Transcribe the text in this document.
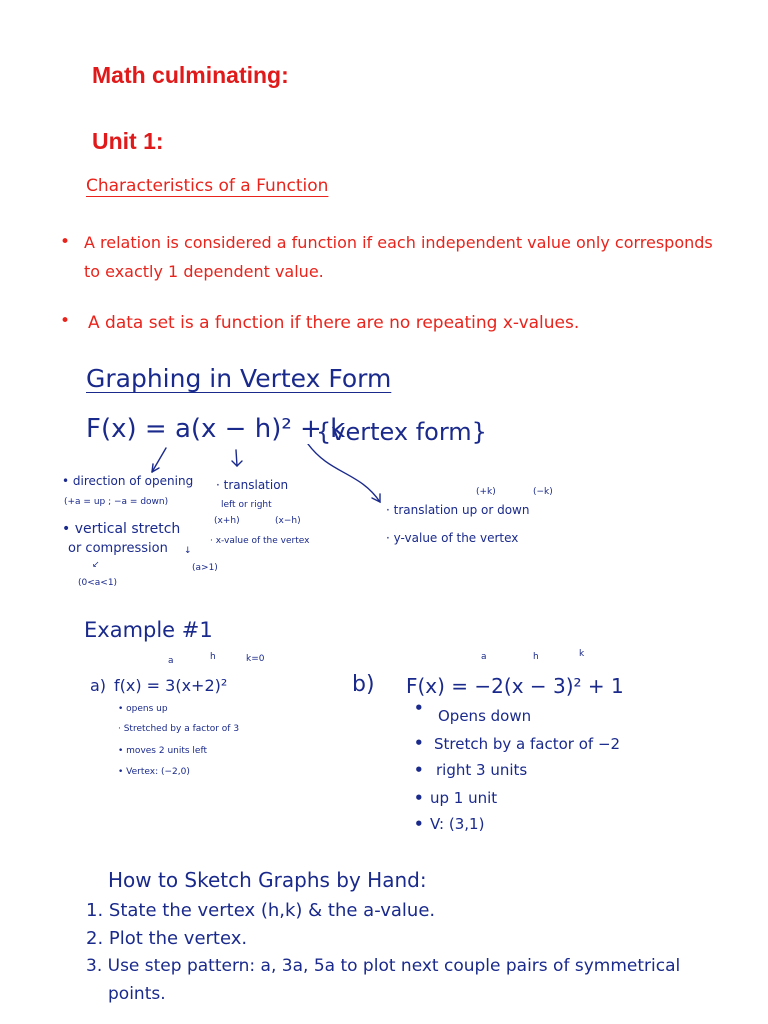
Math culminating:
Unit 1:
Characteristics of a Function
• A relation is considered a function if each independent value only corresponds
to exactly 1 dependent value.
• A data set is a function if there are no repeating x-values.
Graphing in Vertex Form
F(x) = a(x − h)² + k
{vertex form}
• direction of opening
(+a = up ; −a = down)
• vertical stretch
or compression
↙
↓
(0<a<1)
(a>1)
· translation
left or right
(x+h)	(x−h)
· x-value of the vertex
(+k)	(−k)
· translation up or down
· y-value of the vertex
Example #1
a	h	k=0
a) f(x) = 3(x+2)²
• opens up
· Stretched by a factor of 3
• moves 2 units left
• Vertex: (−2,0)
a	h	k
b) F(x) = −2(x − 3)² + 1
• Opens down
• Stretch by a factor of −2
• right 3 units
• up 1 unit
• V: (3,1)
How to Sketch Graphs by Hand:
1. State the vertex (h,k) & the a-value.
2. Plot the vertex.
3. Use step pattern: a, 3a, 5a to plot next couple pairs of symmetrical
points.
